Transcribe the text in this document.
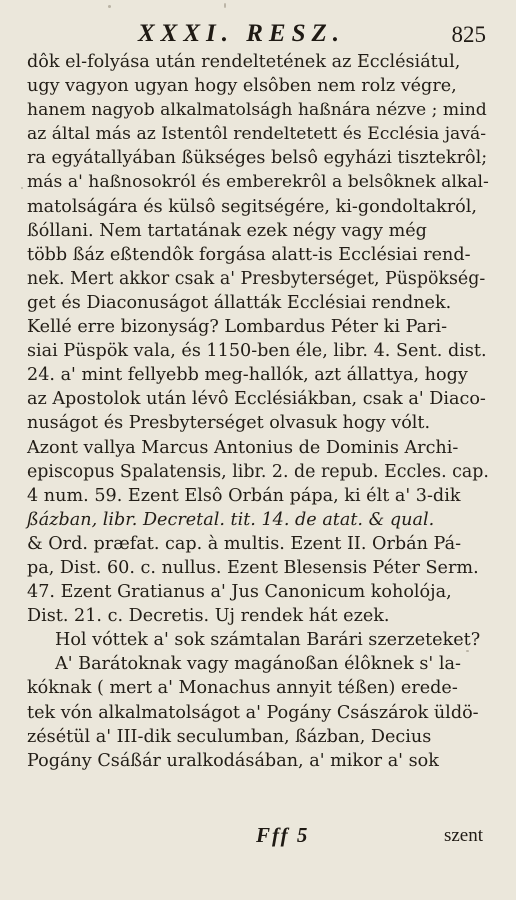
XXXI. RESZ.	825
dôk el-folyása után rendeltetének az Ecclésiátul,
ugy vagyon ugyan hogy elsôben nem rolz végre,
hanem nagyob alkalmatolságh haßnára nézve ; mind
az által más az Istentôl rendeltetett és Ecclésia javá-
ra egyátallyában ßükséges belsô egyházi tisztekrôl;
más a' haßnosokról és emberekrôl a belsôknek alkal-
matolságára és külsô segitségére, ki-gondoltakról,
ßóllani. Nem tartatának ezek négy vagy még
több ßáz eßtendôk forgása alatt-is Ecclésiai rend-
nek. Mert akkor csak a' Presbyterséget, Püspökség-
get és Diaconuságot állatták Ecclésiai rendnek.
Kellé erre bizonyság? Lombardus Péter ki Pari-
siai Püspök vala, és 1150-ben éle, libr. 4. Sent. dist.
24. a' mint fellyebb meg-hallók, azt állattya, hogy
az Apostolok után lévô Ecclésiákban, csak a' Diaco-
nuságot és Presbyterséget olvasuk hogy vólt.
Azont vallya Marcus Antonius de Dominis Archi-
episcopus Spalatensis, libr. 2. de repub. Eccles. cap.
4 num. 59. Ezent Elsô Orbán pápa, ki élt a' 3-dik
ßázban, libr. Decretal. tit. 14. de atat. & qual.
& Ord. præfat. cap. à multis. Ezent II. Orbán Pá-
pa, Dist. 60. c. nullus. Ezent Blesensis Péter Serm.
47. Ezent Gratianus a' Jus Canonicum koholója,
Dist. 21. c. Decretis. Uj rendek hát ezek.
Hol vóttek a' sok számtalan Barári szerzeteket?
A' Barátoknak vagy magánoßan élôknek s' la-
kóknak ( mert a' Monachus annyit téßen) erede-
tek vón alkalmatolságot a' Pogány Császárok üldö-
zésétül a' III-dik seculumban, ßázban, Decius
Pogány Csáßár uralkodásában, a' mikor a' sok
Fff 5	szent
